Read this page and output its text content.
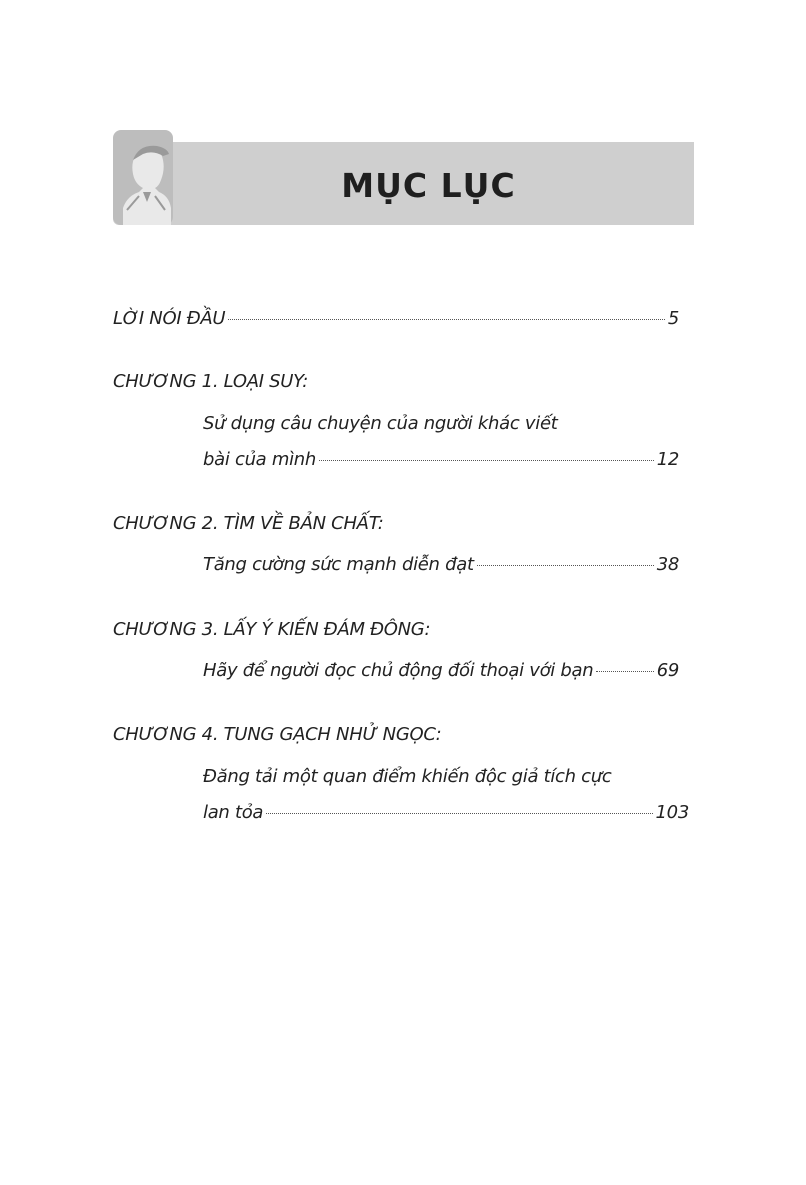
MỤC LỤC
LỜI NÓI ĐẦU	5
CHƯƠNG 1. LOẠI SUY:
Sử dụng câu chuyện của người khác viết
bài của mình	12
CHƯƠNG 2. TÌM VỀ BẢN CHẤT:
Tăng cường sức mạnh diễn đạt	38
CHƯƠNG 3. LẤY Ý KIẾN ĐÁM ĐÔNG:
Hãy để người đọc chủ động đối thoại với bạn	69
CHƯƠNG 4. TUNG GẠCH NHỬ NGỌC:
Đăng tải một quan điểm khiến độc giả tích cực
lan tỏa	103
